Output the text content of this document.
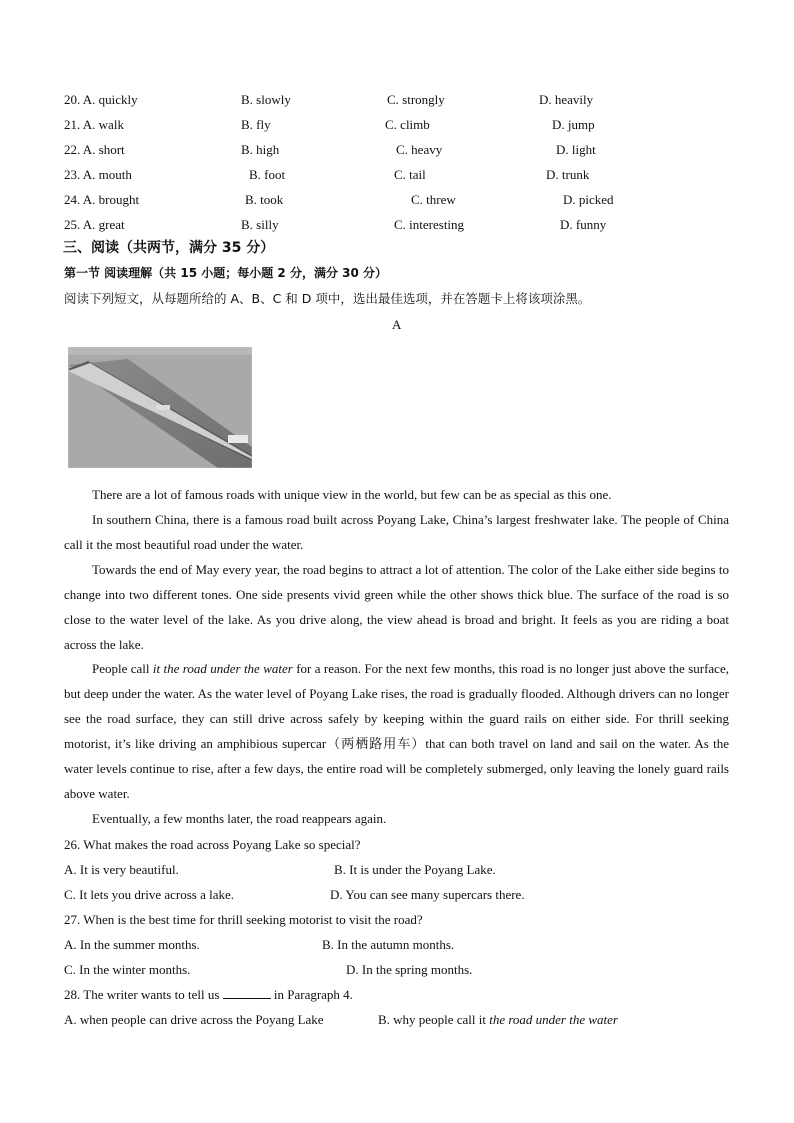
20. A. quickly	B. slowly	C. strongly	D. heavily
21. A. walk	B. fly	C. climb	D. jump
22. A. short	B. high	C. heavy	D. light
23. A. mouth	B. foot	C. tail	D. trunk
24. A. brought	B. took	C. threw	D. picked
25. A. great	B. silly	C. interesting	D. funny
三、阅读（共两节，满分 35 分）
第一节 阅读理解（共 15 小题；每小题 2 分，满分 30 分）
阅读下列短文，从每题所给的 A、B、C 和 D 项中，选出最佳选项，并在答题卡上将该项涂黑。
A

There are a lot of famous roads with unique view in the world, but few can be as special as this one.

In southern China, there is a famous road built across Poyang Lake, China’s largest freshwater lake. The people of China call it the most beautiful road under the water.

Towards the end of May every year, the road begins to attract a lot of attention. The color of the Lake either side begins to change into two different tones. One side presents vivid green while the other shows thick blue. The surface of the road is so close to the water level of the lake. As you drive along, the view ahead is broad and bright. It feels as you are riding a boat across the lake.

People call it the road under the water for a reason. For the next few months, this road is no longer just above the surface, but deep under the water. As the water level of Poyang Lake rises, the road is gradually flooded. Although drivers can no longer see the road surface, they can still drive across safely by keeping within the guard rails on either side. For thrill seeking motorist, it’s like driving an amphibious supercar（两栖路用车）that can both travel on land and sail on the water. As the water levels continue to rise, after a few days, the entire road will be completely submerged, only leaving the lonely guard rails above water.

Eventually, a few months later, the road reappears again.

26. What makes the road across Poyang Lake so special?
A. It is very beautiful.	B. It is under the Poyang Lake.
C. It lets you drive across a lake.	D. You can see many supercars there.
27. When is the best time for thrill seeking motorist to visit the road?
A. In the summer months.	B. In the autumn months.
C. In the winter months.	D. In the spring months.
28. The writer wants to tell us	in Paragraph 4.
A. when people can drive across the Poyang Lake	B. why people call it the road under the water
